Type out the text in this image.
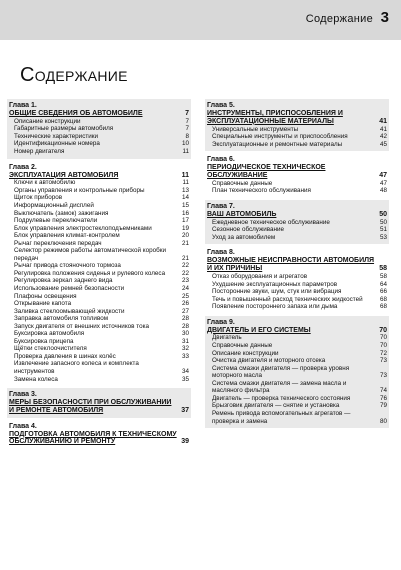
Содержание 3
Содержание
Глава 1.
ОБЩИЕ СВЕДЕНИЯ ОБ АВТОМОБИЛЕ	7
Описание конструкции	7
Габаритные размеры автомобиля	7
Технические характеристики	8
Идентификационные номера	10
Номер двигателя	11
Глава 2.
ЭКСПЛУАТАЦИЯ АВТОМОБИЛЯ	11
Ключи к автомобилю	11
Органы управления и контрольные приборы	13
Щиток приборов	14
Информационный дисплей	15
Выключатель (замок) зажигания	16
Подрулевые переключатели	17
Блок управления электростеклоподъемниками	19
Блок управления климат-контролем	20
Рычаг переключения передач	21
Селектор режимов работы автоматической коробки передач	21
Рычаг привода стояночного тормоза	22
Регулировка положения сиденья и рулевого колеса	22
Регулировка зеркал заднего вида	23
Использование ремней безопасности	24
Плафоны освещения	25
Открывание капота	26
Заливка стеклоомывающей жидкости	27
Заправка автомобиля топливом	28
Запуск двигателя от внешних источников тока	28
Буксировка автомобиля	30
Буксировка прицепа	31
Щётки стеклоочистителя	32
Проверка давления в шинах колёс	33
Извлечение запасного колеса и комплекта инструментов	34
Замена колеса	35
Глава 3.
МЕРЫ БЕЗОПАСНОСТИ ПРИ ОБСЛУЖИВАНИИ И РЕМОНТЕ АВТОМОБИЛЯ	37
Глава 4.
ПОДГОТОВКА АВТОМОБИЛЯ К ТЕХНИЧЕСКОМУ ОБСЛУЖИВАНИЮ И РЕМОНТУ	39
Глава 5.
ИНСТРУМЕНТЫ, ПРИСПОСОБЛЕНИЯ И ЭКСПЛУАТАЦИОННЫЕ МАТЕРИАЛЫ	41
Универсальные инструменты	41
Специальные инструменты и приспособления	42
Эксплуатационные и ремонтные материалы	45
Глава 6.
ПЕРИОДИЧЕСКОЕ ТЕХНИЧЕСКОЕ ОБСЛУЖИВАНИЕ	47
Справочные данные	47
План технического обслуживания	48
Глава 7.
ВАШ АВТОМОБИЛЬ	50
Ежедневное техническое обслуживание	50
Сезонное обслуживание	51
Уход за автомобилем	53
Глава 8.
ВОЗМОЖНЫЕ НЕИСПРАВНОСТИ АВТОМОБИЛЯ И ИХ ПРИЧИНЫ	58
Отказ оборудования и агрегатов	58
Ухудшение эксплуатационных параметров	64
Посторонние звуки, шум, стук или вибрация	66
Течь и повышенный расход технических жидкостей	68
Появление постороннего запаха или дыма	68
Глава 9.
ДВИГАТЕЛЬ И ЕГО СИСТЕМЫ	70
Двигатель	70
Справочные данные	70
Описание конструкции	72
Очистка двигателя и моторного отсека	73
Система смазки двигателя — проверка уровня моторного масла	73
Система смазки двигателя — замена масла и масляного фильтра	74
Двигатель — проверка технического состояния	76
Брызговик двигателя — снятие и установка	79
Ремень привода вспомогательных агрегатов — проверка и замена	80
